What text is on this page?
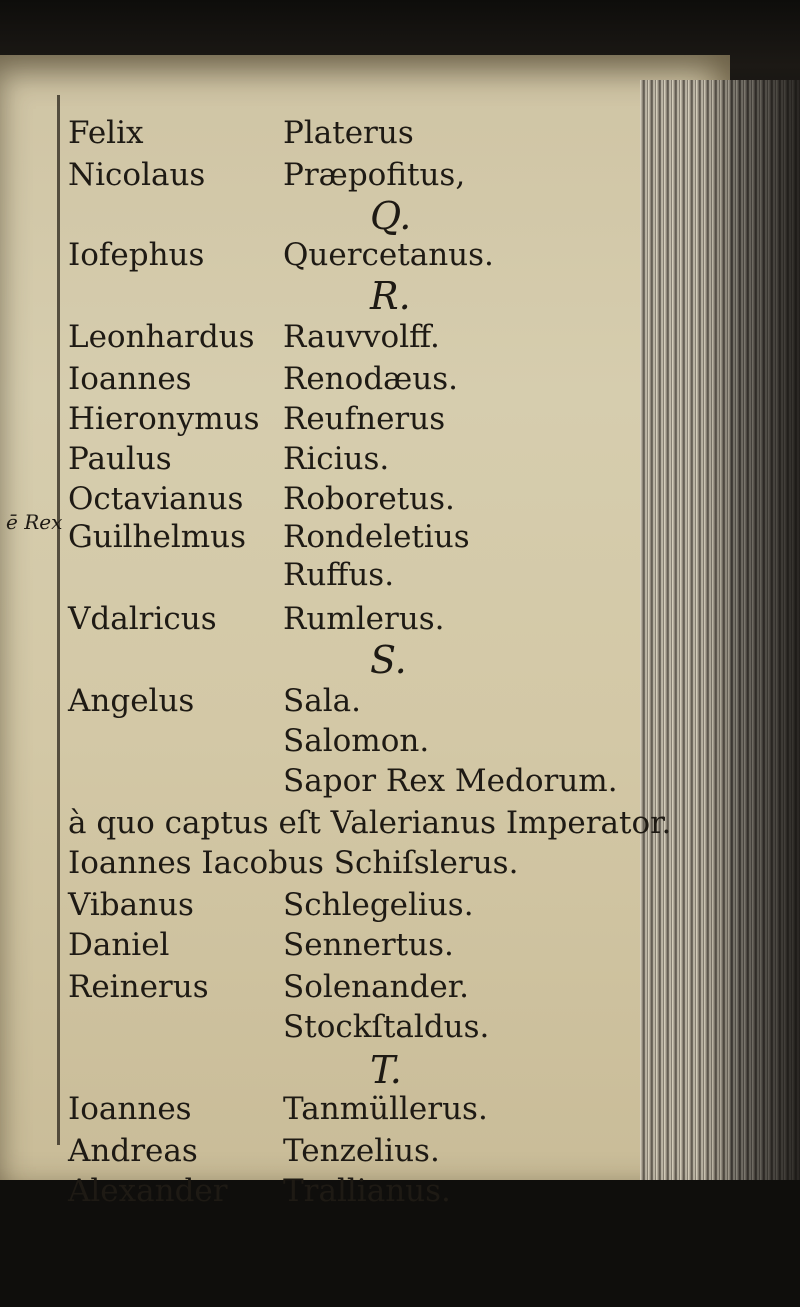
ē Rex
Felix	Platerus
Nicolaus	Præpofitus,
Q.
Iofephus	Quercetanus.
R.
Leonhardus Rauvvolff.
Ioannes	Renodæus.
Hieronymus Reufnerus
Paulus	Ricius.
Octavianus Roboretus.
Guilhelmus Rondeletius
Ruffus.
Vdalricus Rumlerus.
S.
Angelus	Sala.
Salomon.
Sapor Rex Medorum.
à quo captus eſt Valerianus Imperator.
Ioannes Iacobus Schiſslerus.
Vibanus	Schlegelius.
Daniel	Sennertus.
Reinerus Solenander.
Stockſtaldus.
T.
Ioannes	Tanmüllerus.
Andreas	Tenzelius.
Alexander Trallianus.
